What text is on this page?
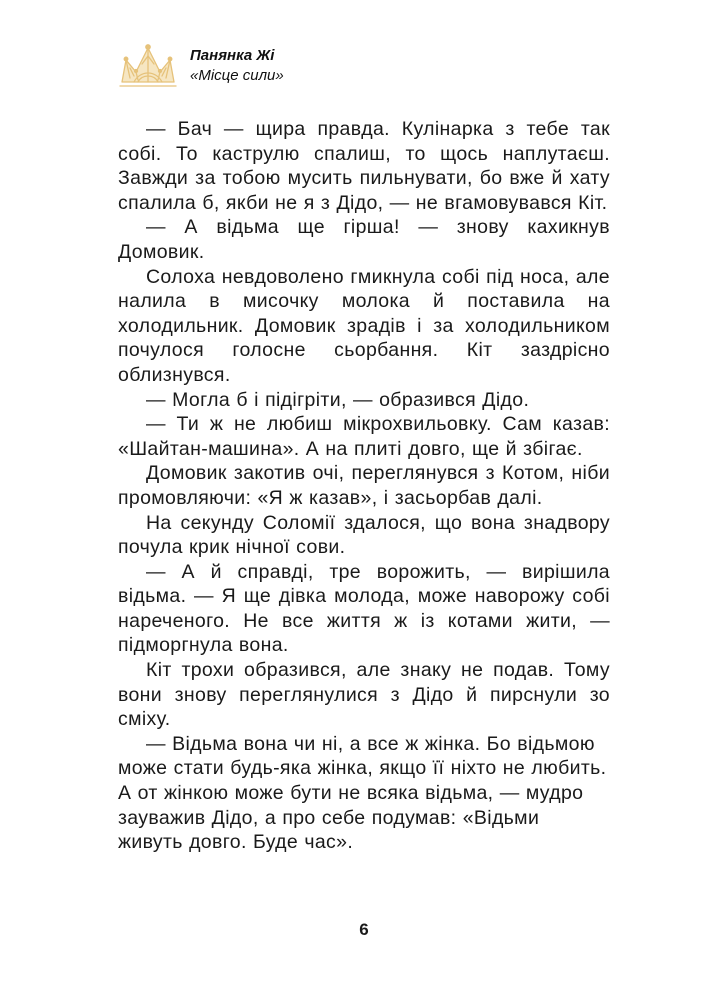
Панянка Жі
«Місце сили»

— Бач — щира правда. Кулінарка з тебе так собі. То каструлю спалиш, то щось наплутаєш. Завжди за тобою мусить пильнувати, бо вже й хату спалила б, якби не я з Дідо, — не вгамовувався Кіт.

— А відьма ще гірша! — знову кахикнув Домовик.

Солоха невдоволено гмикнула собі під носа, але налила в мисочку молока й поставила на холодильник. Домовик зрадів і за холодильником почулося голосне сьорбання. Кіт заздрісно облизнувся.

— Могла б і підігріти, — образився Дідо.

— Ти ж не любиш мікрохвильовку. Сам казав: «Шайтан-машина». А на плиті довго, ще й збігає.

Домовик закотив очі, переглянувся з Котом, ніби промовляючи: «Я ж казав», і засьорбав далі.

На секунду Соломії здалося, що вона знадвору почула крик нічної сови.

— А й справді, тре ворожить, — вирішила відьма. — Я ще дівка молода, може наворожу собі нареченого. Не все життя ж із котами жити, — підморгнула вона.

Кіт трохи образився, але знаку не подав. Тому вони знову переглянулися з Дідо й пирснули зо сміху.

— Відьма вона чи ні, а все ж жінка. Бо відьмою може стати будь-яка жінка, якщо її ніхто не любить. А от жінкою може бути не всяка відьма, — мудро зауважив Дідо, а про себе подумав: «Відьми живуть довго. Буде час».

6
